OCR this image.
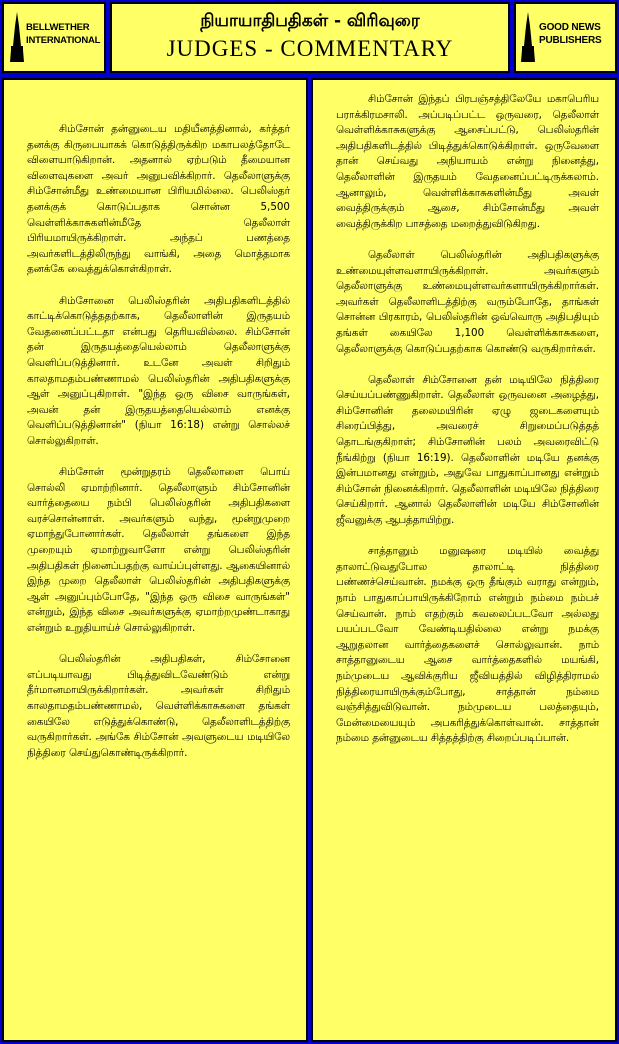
BELLWETHER
INTERNATIONAL
நியாயாதிபதிகள் - விரிவுரை
JUDGES - COMMENTARY
GOOD NEWS
PUBLISHERS

சிம்சோன் தன்னுடைய மதியீனத்தினால், கர்த்தர் தனக்கு கிருபையாகக் கொடுத்திருக்கிற மகாபலத்தோடே விளையாடுகிறான். அதனால் ஏற்படும் தீமையான விளைவுகளை அவர் அனுபவிக்கிறார். தெலீலாளுக்கு சிம்சோன்மீது உண்மையான பிரியமில்லை. பெலிஸ்தர் தனக்குக் கொடுப்பதாக சொன்ன 5,500 வெள்ளிக்காசுகளின்மீதே தெலீலாள் பிரியமாயிருக்கிறாள். அந்தப் பணத்தை அவர்களிடத்திலிருந்து வாங்கி, அதை மொத்தமாக தனக்கே வைத்துக்கொள்கிறாள்.

சிம்சோனை பெலிஸ்தரின் அதிபதிகளிடத்தில் காட்டிக்கொடுத்ததற்காக, தெலீலாளின் இருதயம் வேதனைப்பட்டதா என்பது தெரியவில்லை. சிம்சோன் தன் இருதயத்தையெல்லாம் தெலீலாளுக்கு வெளிப்படுத்தினார். உடனே அவள் சிறிதும் காலதாமதம்பண்ணாமல் பெலிஸ்தரின் அதிபதிகளுக்கு ஆள் அனுப்புகிறாள். "இந்த ஒரு விசை வாருங்கள், அவன் தன் இருதயத்தையெல்லாம் எனக்கு வெளிப்படுத்தினான்" (நியா 16:18) என்று சொல்லச் சொல்லுகிறாள்.

சிம்சோன் மூன்றுதரம் தெலீலாளை பொய் சொல்லி ஏமாற்றினார். தெலீலாளும் சிம்சோனின் வார்த்தையை நம்பி பெலிஸ்தரின் அதிபதிகளை வரச்சொன்னாள். அவர்களும் வந்து, மூன்றுமுறை ஏமாந்துபோனார்கள். தெலீலாள் தங்களை இந்த முறையும் ஏமாற்றுவாளோ என்று பெலிஸ்தரின் அதிபதிகள் நினைப்பதற்கு வாய்ப்புள்ளது. ஆகையினால் இந்த முறை தெலீலாள் பெலிஸ்தரின் அதிபதிகளுக்கு ஆள் அனுப்பும்போதே, "இந்த ஒரு விசை வாருங்கள்" என்றும், இந்த விசை அவர்களுக்கு ஏமாற்றமுண்டாகாது என்றும் உறுதியாய்ச் சொல்லுகிறாள்.

பெலிஸ்தரின் அதிபதிகள், சிம்சோனை எப்படியாவது பிடித்துவிடவேண்டும் என்று தீர்மானமாயிருக்கிறார்கள். அவர்கள் சிறிதும் காலதாமதம்பண்ணாமல், வெள்ளிக்காசுகளை தங்கள் கையிலே எடுத்துக்கொண்டு, தெலீலாளிடத்திற்கு வருகிறார்கள். அங்கே சிம்சோன் அவளுடைய மடியிலே நித்திரை செய்துகொண்டிருக்கிறார்.

சிம்சோன் இந்தப் பிரபஞ்சத்திலேயே மகாபெரிய பராக்கிரமசாலி. அப்படிப்பட்ட ஒருவரை, தெலீலாள் வெள்ளிக்காசுகளுக்கு ஆசைப்பட்டு, பெலிஸ்தரின் அதிபதிகளிடத்தில் பிடித்துக்கொடுக்கிறாள். ஒருவேளை தான் செய்வது அநியாயம் என்று நினைத்து, தெலீலாளின் இருதயம் வேதனைப்பட்டிருக்கலாம். ஆனாலும், வெள்ளிக்காசுகளின்மீது அவள் வைத்திருக்கும் ஆசை, சிம்சோன்மீது அவள் வைத்திருக்கிற பாசத்தை மறைத்துவிடுகிறது.

தெலீலாள் பெலிஸ்தரின் அதிபதிகளுக்கு உண்மையுள்ளவளாயிருக்கிறாள். அவர்களும் தெலீலாளுக்கு உண்மையுள்ளவர்களாயிருக்கிறார்கள். அவர்கள் தெலீலாளிடத்திற்கு வரும்போதே, தாங்கள் சொன்ன பிரகாரம், பெலிஸ்தரின் ஒவ்வொரு அதிபதியும் தங்கள் கையிலே 1,100 வெள்ளிக்காசுகளை, தெலீலாளுக்கு கொடுப்பதற்காக கொண்டு வருகிறார்கள்.

தெலீலாள் சிம்சோனை தன் மடியிலே நித்திரை செய்யப்பண்ணுகிறாள். தெலீலாள் ஒருவனை அழைத்து, சிம்சோனின் தலைமயிரின் ஏழு ஜடைகளையும் சிரைப்பித்து, அவரைச் சிறுமைப்படுத்தத் தொடங்குகிறாள்; சிம்சோனின் பலம் அவரைவிட்டு நீங்கிற்று (நியா 16:19). தெலீலாளின் மடியே தனக்கு இன்பமானது என்றும், அதுவே பாதுகாப்பானது என்றும் சிம்சோன் நினைக்கிறார். தெலீலாளின் மடியிலே நித்திரை செய்கிறார். ஆனால் தெலீலாளின் மடியே சிம்சோனின் ஜீவனுக்கு ஆபத்தாயிற்று.

சாத்தானும் மனுஷரை மடியில் வைத்து தாலாட்டுவதுபோல தாலாட்டி நித்திரை பண்ணச்செய்வான். நமக்கு ஒரு தீங்கும் வராது என்றும், நாம் பாதுகாப்பாயிருக்கிறோம் என்றும் நம்மை நம்பச் செய்வான். நாம் எதற்கும் கவலைப்படவோ அல்லது பயப்படவோ வேண்டியதில்லை என்று நமக்கு ஆறுதலான வார்த்தைகளைச் சொல்லுவான். நாம் சாத்தானுடைய ஆசை வார்த்தைகளில் மயங்கி, நம்முடைய ஆவிக்குரிய ஜீவியத்தில் விழித்திராமல் நித்திரையாயிருக்கும்போது, சாத்தான் நம்மை வஞ்சித்துவிடுவான். நம்முடைய பலத்தையும், மேன்மையையும் அபகரித்துக்கொள்வான். சாத்தான் நம்மை தன்னுடைய சித்தத்திற்கு சிறைப்படிப்பான்.
